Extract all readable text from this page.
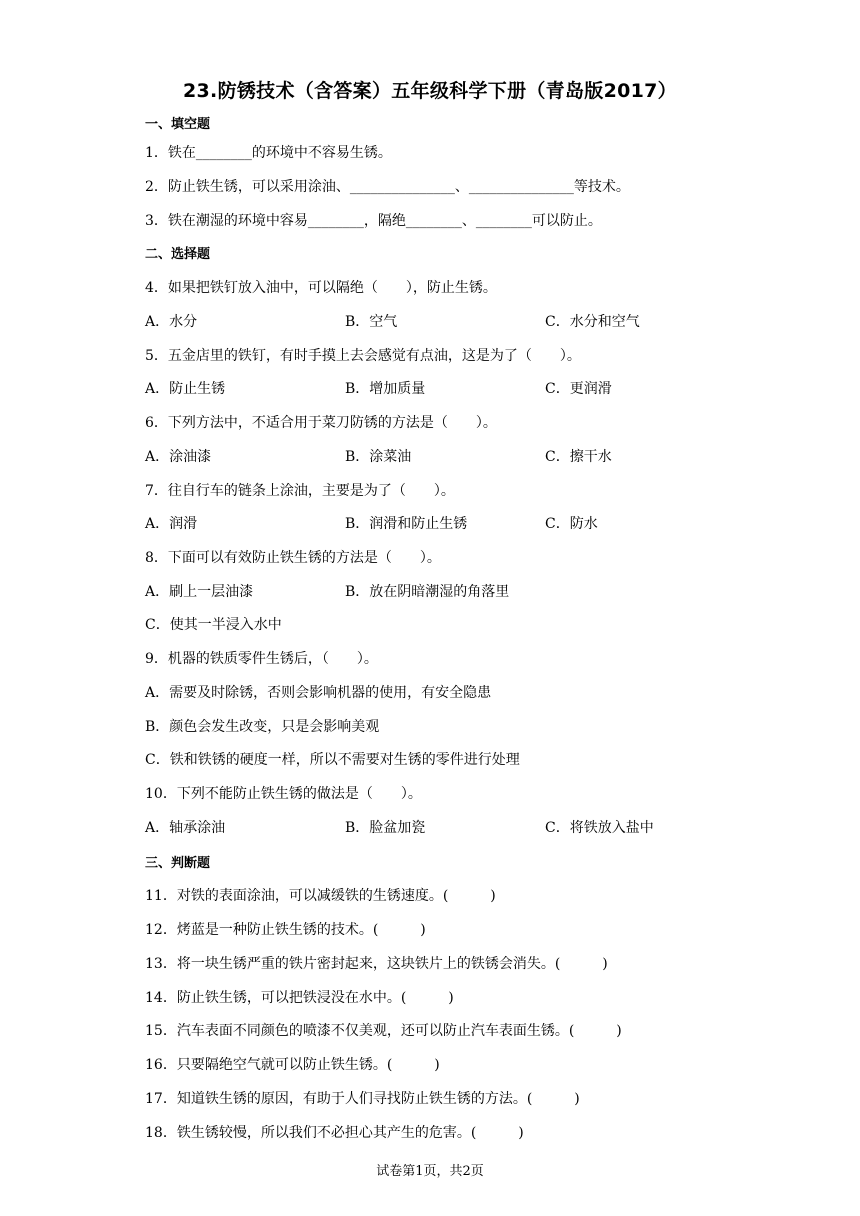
23.防锈技术（含答案）五年级科学下册（青岛版2017）
一、填空题
1．铁在________的环境中不容易生锈。
2．防止铁生锈，可以采用涂油、_______________、_______________等技术。
3．铁在潮湿的环境中容易________，隔绝________、________可以防止。
二、选择题
4．如果把铁钉放入油中，可以隔绝（　　），防止生锈。
A．水分	B．空气	C．水分和空气
5．五金店里的铁钉，有时手摸上去会感觉有点油，这是为了（　　）。
A．防止生锈	B．增加质量	C．更润滑
6．下列方法中，不适合用于菜刀防锈的方法是（　　）。
A．涂油漆	B．涂菜油	C．擦干水
7．往自行车的链条上涂油，主要是为了（　　）。
A．润滑	B．润滑和防止生锈	C．防水
8．下面可以有效防止铁生锈的方法是（　　）。
A．刷上一层油漆	B．放在阴暗潮湿的角落里
C．使其一半浸入水中
9．机器的铁质零件生锈后，（　　）。
A．需要及时除锈，否则会影响机器的使用，有安全隐患
B．颜色会发生改变，只是会影响美观
C．铁和铁锈的硬度一样，所以不需要对生锈的零件进行处理
10．下列不能防止铁生锈的做法是（　　）。
A．轴承涂油	B．脸盆加瓷	C．将铁放入盐中
三、判断题
11．对铁的表面涂油，可以减缓铁的生锈速度。(　　　)
12．烤蓝是一种防止铁生锈的技术。(　　　)
13．将一块生锈严重的铁片密封起来，这块铁片上的铁锈会消失。(　　　)
14．防止铁生锈，可以把铁浸没在水中。(　　　)
15．汽车表面不同颜色的喷漆不仅美观，还可以防止汽车表面生锈。(　　　)
16．只要隔绝空气就可以防止铁生锈。(　　　)
17．知道铁生锈的原因，有助于人们寻找防止铁生锈的方法。(　　　)
18．铁生锈较慢，所以我们不必担心其产生的危害。(　　　)
试卷第1页，共2页
